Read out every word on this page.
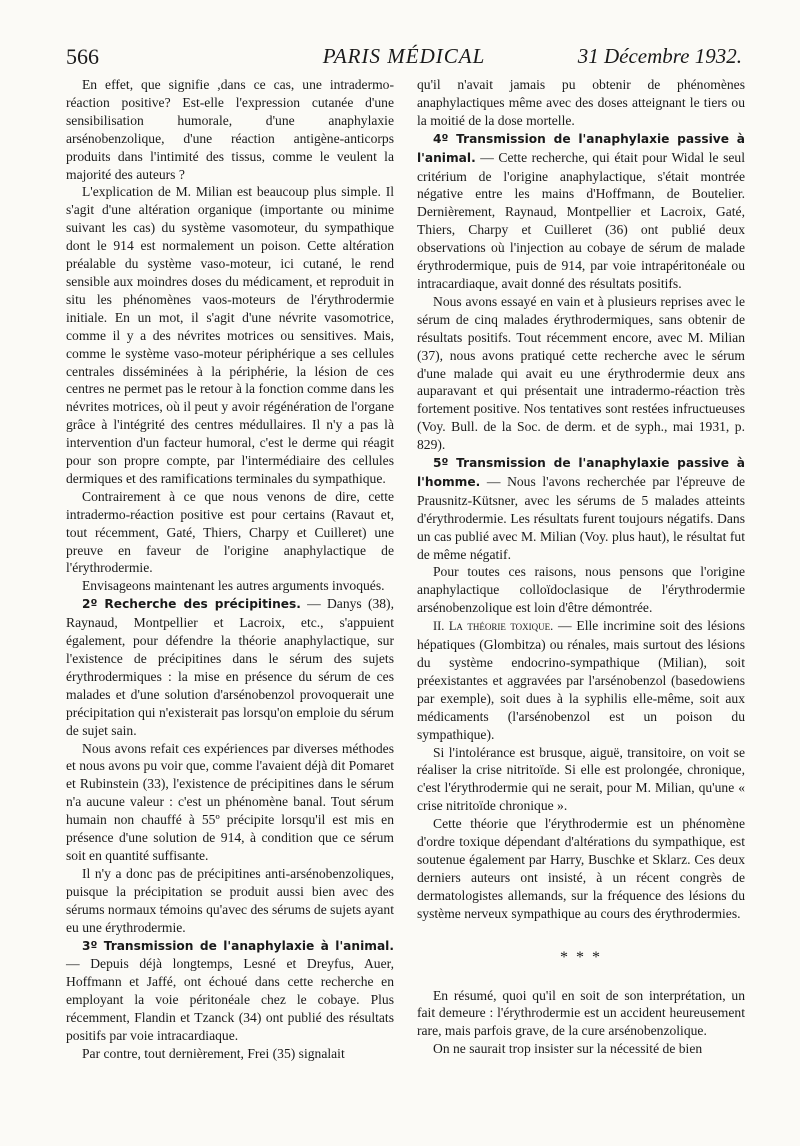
566	PARIS MÉDICAL	31 Décembre 1932.

En effet, que signifie ,dans ce cas, une intradermo-réaction positive? Est-elle l'expression cutanée d'une sensibilisation humorale, d'une anaphylaxie arsénobenzolique, d'une réaction antigène-anticorps produits dans l'intimité des tissus, comme le veulent la majorité des auteurs ?

L'explication de M. Milian est beaucoup plus simple. Il s'agit d'une altération organique (importante ou minime suivant les cas) du système vasomoteur, du sympathique dont le 914 est normalement un poison. Cette altération préalable du système vaso-moteur, ici cutané, le rend sensible aux moindres doses du médicament, et reproduit in situ les phénomènes vaos-moteurs de l'érythrodermie initiale. En un mot, il s'agit d'une névrite vasomotrice, comme il y a des névrites motrices ou sensitives. Mais, comme le système vaso-moteur périphérique a ses cellules centrales disséminées à la périphérie, la lésion de ces centres ne permet pas le retour à la fonction comme dans les névrites motrices, où il peut y avoir régénération de l'organe grâce à l'intégrité des centres médullaires. Il n'y a pas là intervention d'un facteur humoral, c'est le derme qui réagit pour son propre compte, par l'intermédiaire des cellules dermiques et des ramifications terminales du sympathique.

Contrairement à ce que nous venons de dire, cette intradermo-réaction positive est pour certains (Ravaut et, tout récemment, Gaté, Thiers, Charpy et Cuilleret) une preuve en faveur de l'origine anaphylactique de l'érythrodermie.

Envisageons maintenant les autres arguments invoqués.

2º Recherche des précipitines. — Danys (38), Raynaud, Montpellier et Lacroix, etc., s'appuient également, pour défendre la théorie anaphylactique, sur l'existence de précipitines dans le sérum des sujets érythrodermiques : la mise en présence du sérum de ces malades et d'une solution d'arsénobenzol provoquerait une précipitation qui n'existerait pas lorsqu'on emploie du sérum de sujet sain.

Nous avons refait ces expériences par diverses méthodes et nous avons pu voir que, comme l'avaient déjà dit Pomaret et Rubinstein (33), l'existence de précipitines dans le sérum n'a aucune valeur : c'est un phénomène banal. Tout sérum humain non chauffé à 55º précipite lorsqu'il est mis en présence d'une solution de 914, à condition que ce sérum soit en quantité suffisante.

Il n'y a donc pas de précipitines anti-arsénobenzoliques, puisque la précipitation se produit aussi bien avec des sérums normaux témoins qu'avec des sérums de sujets ayant eu une érythrodermie.

3º Transmission de l'anaphylaxie à l'animal. — Depuis déjà longtemps, Lesné et Dreyfus, Auer, Hoffmann et Jaffé, ont échoué dans cette recherche en employant la voie péritonéale chez le cobaye. Plus récemment, Flandin et Tzanck (34) ont publié des résultats positifs par voie intracardiaque.

Par contre, tout dernièrement, Frei (35) signalait

qu'il n'avait jamais pu obtenir de phénomènes anaphylactiques même avec des doses atteignant le tiers ou la moitié de la dose mortelle.

4º Transmission de l'anaphylaxie passive à l'animal. — Cette recherche, qui était pour Widal le seul critérium de l'origine anaphylactique, s'était montrée négative entre les mains d'Hoffmann, de Boutelier. Dernièrement, Raynaud, Montpellier et Lacroix, Gaté, Thiers, Charpy et Cuilleret (36) ont publié deux observations où l'injection au cobaye de sérum de malade érythrodermique, puis de 914, par voie intrapéritonéale ou intracardiaque, avait donné des résultats positifs.

Nous avons essayé en vain et à plusieurs reprises avec le sérum de cinq malades érythrodermiques, sans obtenir de résultats positifs. Tout récemment encore, avec M. Milian (37), nous avons pratiqué cette recherche avec le sérum d'une malade qui avait eu une érythrodermie deux ans auparavant et qui présentait une intradermo-réaction très fortement positive. Nos tentatives sont restées infructueuses (Voy. Bull. de la Soc. de derm. et de syph., mai 1931, p. 829).

5º Transmission de l'anaphylaxie passive à l'homme. — Nous l'avons recherchée par l'épreuve de Prausnitz-Kütsner, avec les sérums de 5 malades atteints d'érythrodermie. Les résultats furent toujours négatifs. Dans un cas publié avec M. Milian (Voy. plus haut), le résultat fut de même négatif.

Pour toutes ces raisons, nous pensons que l'origine anaphylactique colloïdoclasique de l'érythrodermie arsénobenzolique est loin d'être démontrée.

II. La théorie toxique. — Elle incrimine soit des lésions hépatiques (Glombitza) ou rénales, mais surtout des lésions du système endocrino-sympathique (Milian), soit préexistantes et aggravées par l'arsénobenzol (basedowiens par exemple), soit dues à la syphilis elle-même, soit aux médicaments (l'arsénobenzol est un poison du sympathique).

Si l'intolérance est brusque, aiguë, transitoire, on voit se réaliser la crise nitritoïde. Si elle est prolongée, chronique, c'est l'érythrodermie qui ne serait, pour M. Milian, qu'une « crise nitritoïde chronique ».

Cette théorie que l'érythrodermie est un phénomène d'ordre toxique dépendant d'altérations du sympathique, est soutenue également par Harry, Buschke et Sklarz. Ces deux derniers auteurs ont insisté, à un récent congrès de dermatologistes allemands, sur la fréquence des lésions du système nerveux sympathique au cours des érythrodermies.

* * *

En résumé, quoi qu'il en soit de son interprétation, un fait demeure : l'érythrodermie est un accident heureusement rare, mais parfois grave, de la cure arsénobenzolique.

On ne saurait trop insister sur la nécessité de bien
